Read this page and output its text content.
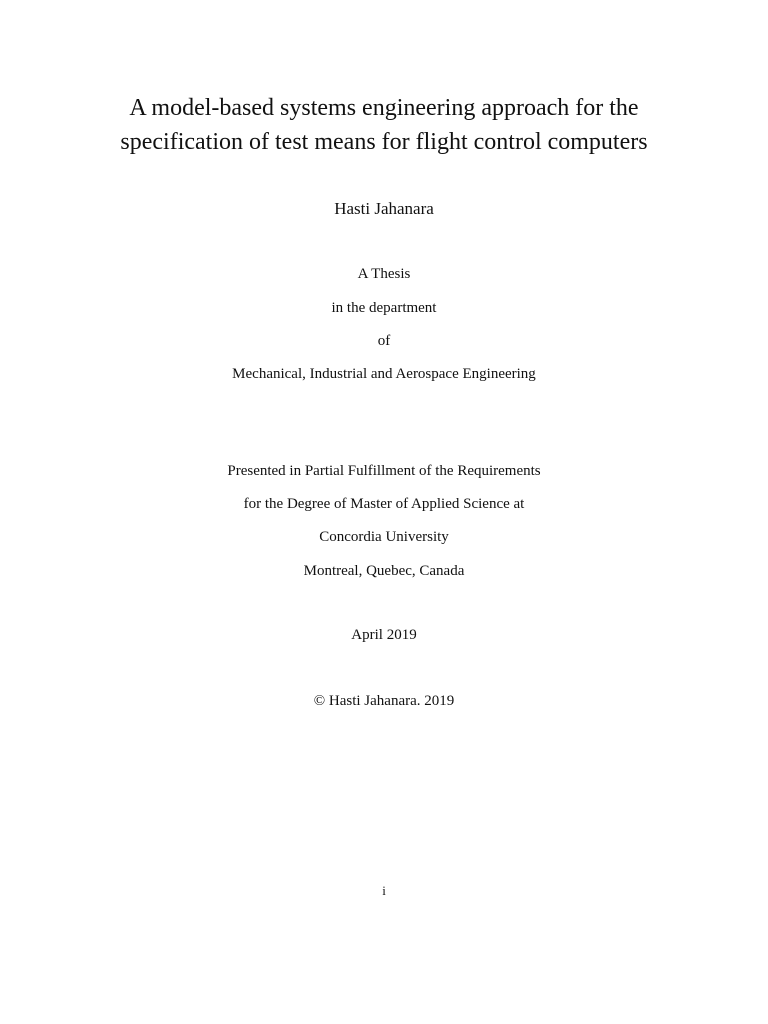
A model-based systems engineering approach for the
specification of test means for flight control computers
Hasti Jahanara
A Thesis
in the department
of
Mechanical, Industrial and Aerospace Engineering
Presented in Partial Fulfillment of the Requirements
for the Degree of Master of Applied Science at
Concordia University
Montreal, Quebec, Canada
April 2019
© Hasti Jahanara. 2019
i
